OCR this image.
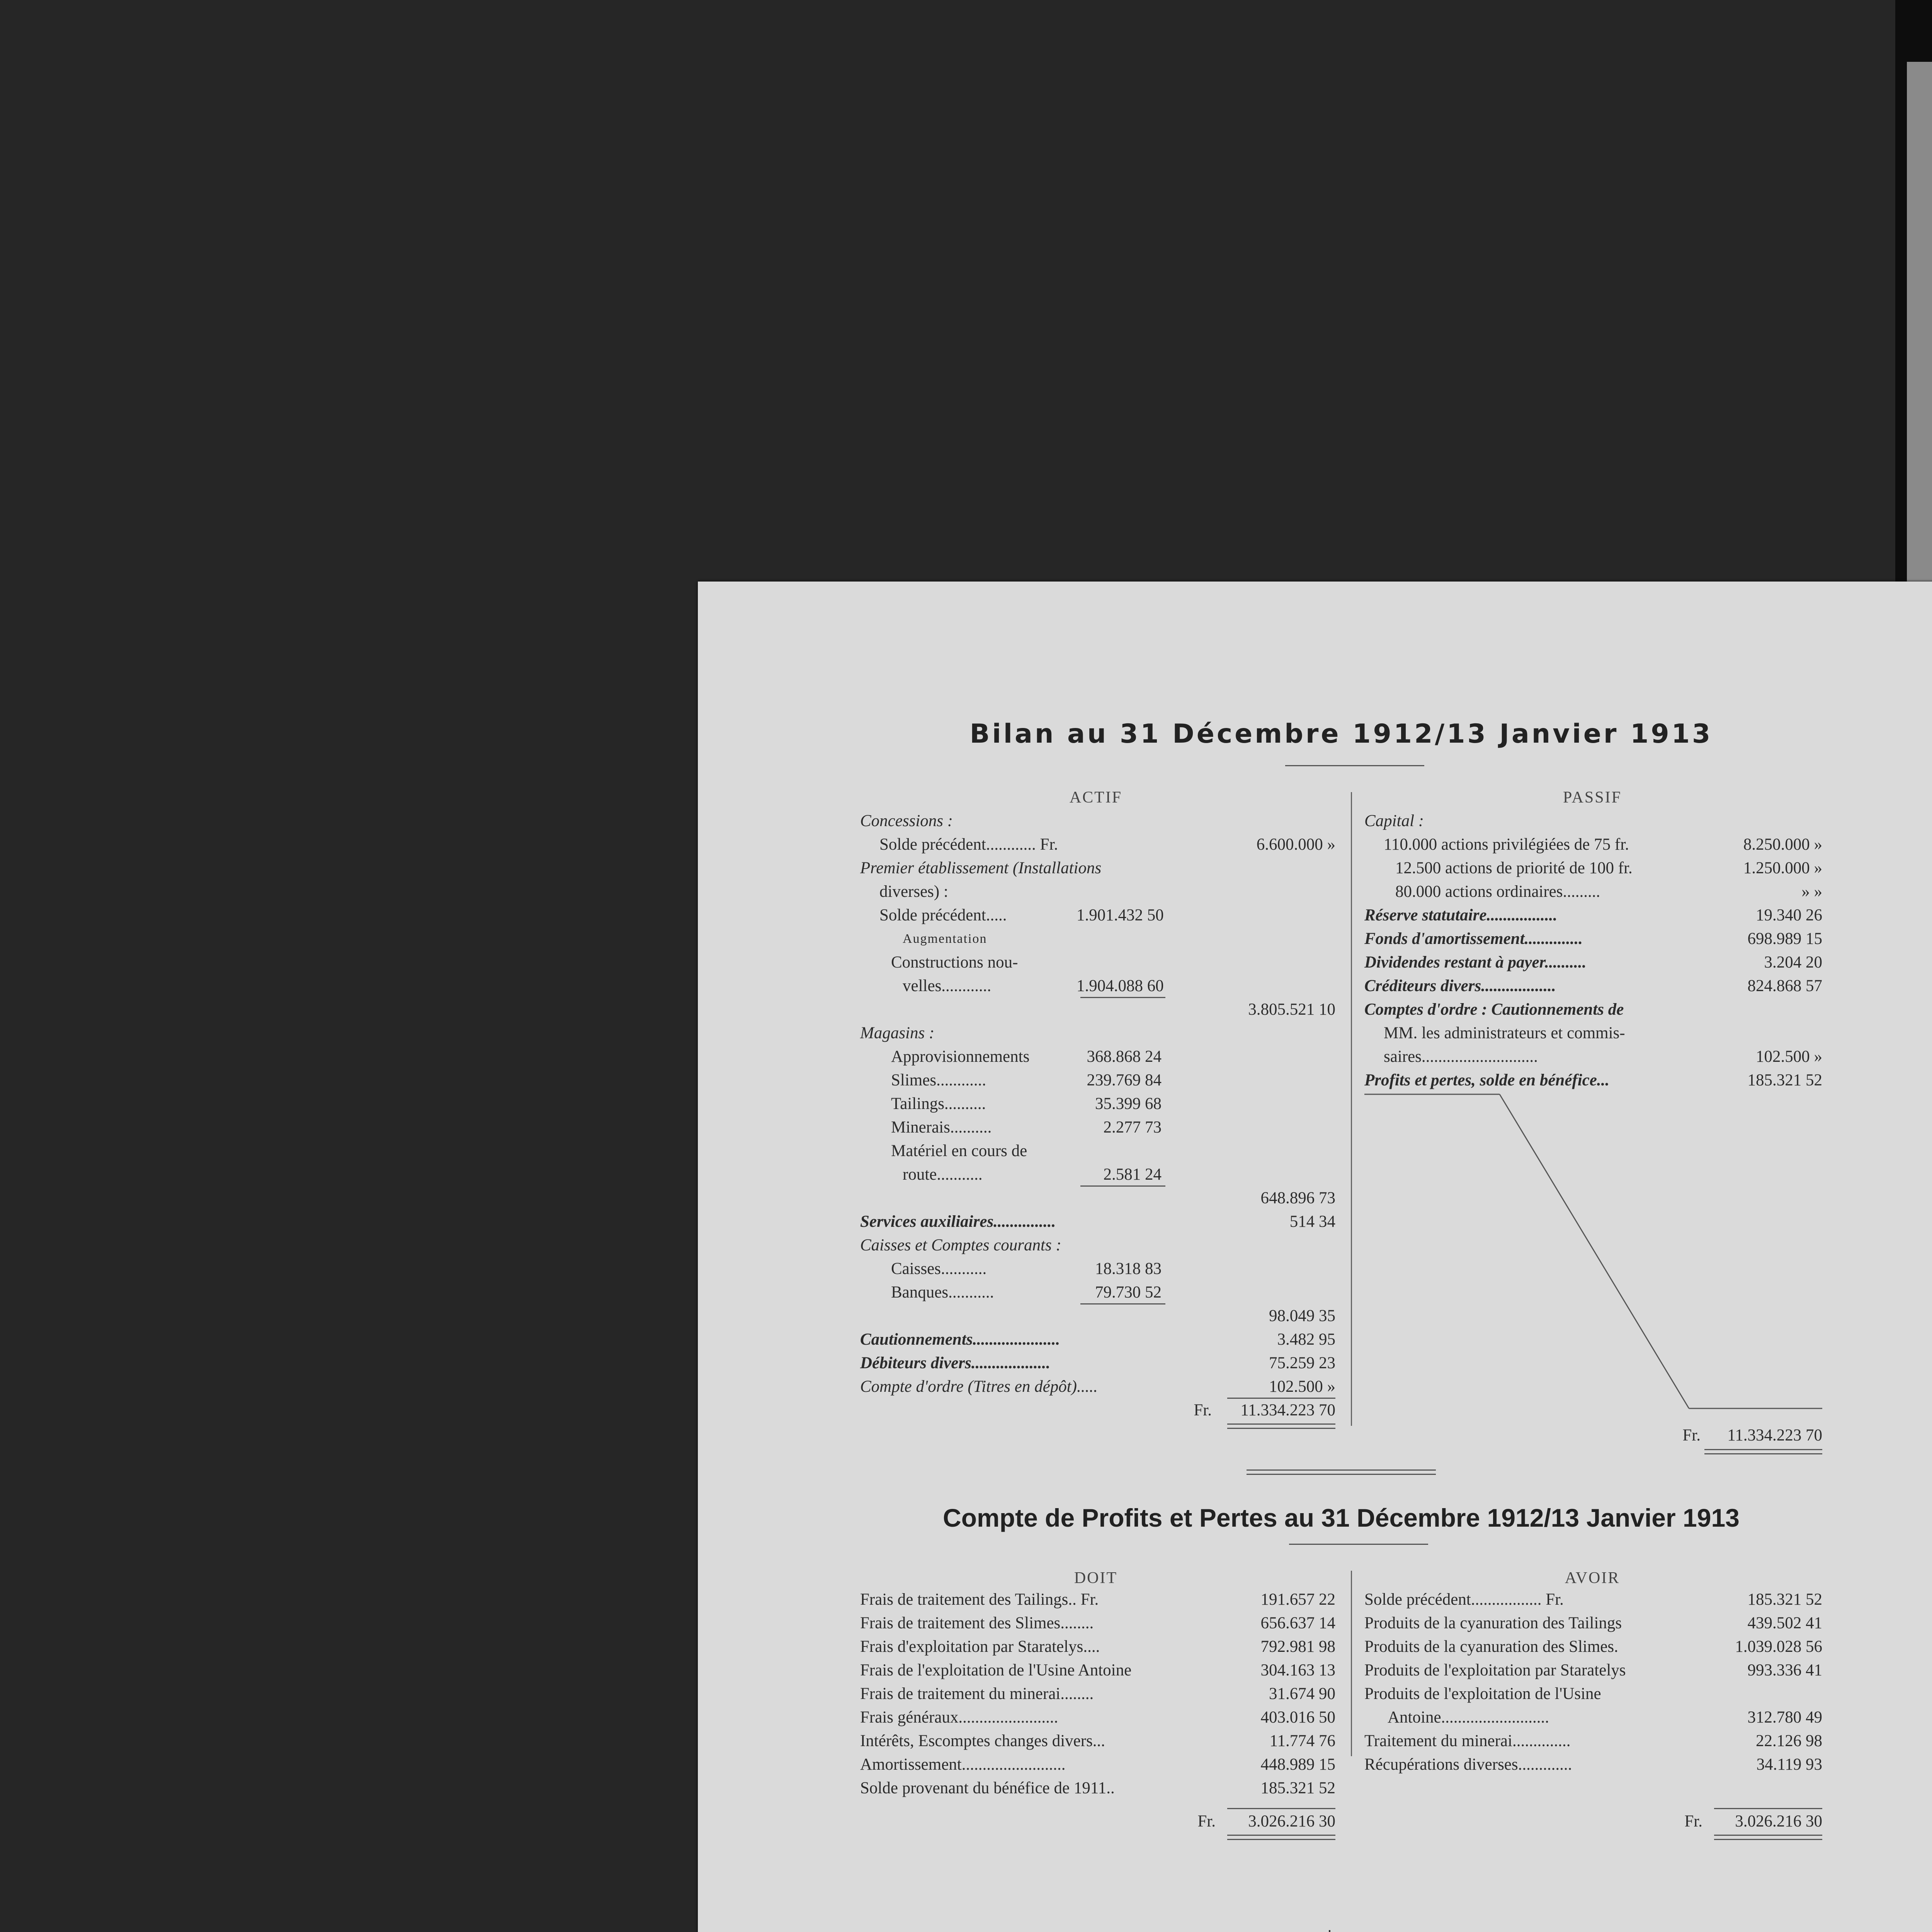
Bilan au 31 Décembre 1912/13 Janvier 1913
ACTIF	PASSIF
Concessions :
Solde précédent............ Fr.	6.600.000 »
Premier établissement (Installations
diverses) :
Solde précédent.....	1.901.432 50
Augmentation
Constructions nou-
velles............	1.904.088 60
3.805.521 10
Magasins :
Approvisionnements	368.868 24
Slimes............	239.769 84
Tailings..........	35.399 68
Minerais..........	2.277 73
Matériel en cours de
route...........	2.581 24
648.896 73
Services auxiliaires...............	514 34
Caisses et Comptes courants :
Caisses...........	18.318 83
Banques...........	79.730 52
98.049 35
Cautionnements.....................	3.482 95
Débiteurs divers...................	75.259 23
Compte d'ordre (Titres en dépôt).....	102.500 »
Fr.	11.334.223 70
Capital :
110.000 actions privilégiées de 75 fr.	8.250.000 »
12.500 actions de priorité de 100 fr.	1.250.000 »
80.000 actions ordinaires.........	» »
Réserve statutaire.................	19.340 26
Fonds d'amortissement..............	698.989 15
Dividendes restant à payer..........	3.204 20
Créditeurs divers..................	824.868 57
Comptes d'ordre : Cautionnements de
MM. les administrateurs et commis-
saires............................	102.500 »
Profits et pertes, solde en bénéfice...	185.321 52
Fr.	11.334.223 70
Compte de Profits et Pertes au 31 Décembre 1912/13 Janvier 1913
DOIT	AVOIR
Frais de traitement des Tailings.. Fr.	191.657 22
Frais de traitement des Slimes........	656.637 14
Frais d'exploitation par Staratelys....	792.981 98
Frais de l'exploitation de l'Usine Antoine	304.163 13
Frais de traitement du minerai........	31.674 90
Frais généraux........................	403.016 50
Intérêts, Escomptes changes divers...	11.774 76
Amortissement.........................	448.989 15
Solde provenant du bénéfice de 1911..	185.321 52
Fr.	3.026.216 30
Solde précédent................. Fr.	185.321 52
Produits de la cyanuration des Tailings	439.502 41
Produits de la cyanuration des Slimes.	1.039.028 56
Produits de l'exploitation par Staratelys	993.336 41
Produits de l'exploitation de l'Usine
Antoine..........................	312.780 49
Traitement du minerai..............	22.126 98
Récupérations diverses.............	34.119 93
Fr.	3.026.216 30
